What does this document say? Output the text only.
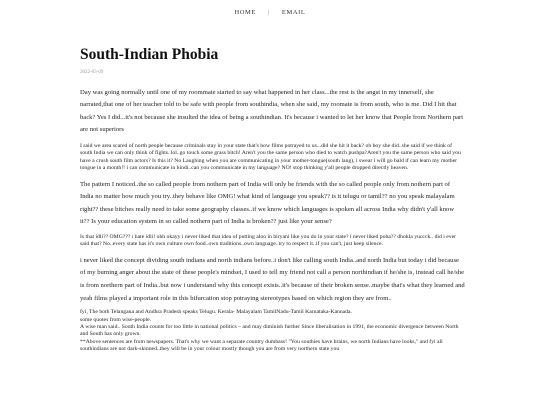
HOME	|	EMAIL
South-Indian Phobia
2022-03-09

Day was going normally until one of my roommate started to say what happened in her class...the rest is the angst in my innerself, she narrated,that one of her teacher told to be safe with people from southindia, when she said, my roomate is from south, who is me. Did I hit that back? Yes I did...it's not because she insulted the idea of being a southindian. It's because i wanted to let her know that People from Northern part are not superiors

I said we area scared of north people because criminals stay in your state that's how films potrayed to us...did she hit it back? oh boy she did..she said if we think of south India we can only think of fights..lol..go touch some grass bitch! Aren't you the same person who died to watch pushpa?Aren't you the same person who said you have a crush south film actors? Is this it? No Laughing when you are communicating in your mother-tongue(south lang), i swear i will go bald if can learn my mother tongue in a month!! i can communicate in hindi..can you communicate in my language? NO! stop thinking y'all people dropped directly heaven.

The pattern I noticed..the so called people from nothern part of India will only be friends with the so called people only from nothern part of India no matter how much you try..they behave like OMG! what kind of language you speak?? is it telugu or tamil?? no you speak malayalam right?? these bitches really need to take some geography classes..if we know which languages is spoken all across India why didn't y'all know it?? Is your education system in so called nothern part of India is broken?? just like your sense?

Is that idli?? OMG??? i hate idli! ohh okayy i never liked that idea of putting aloo in biryani like you do in your state? i never liked poha?? dhokla yuccck.. did i ever said that? No..every state has it's own culture own food..own traditions..own language..try to respect it..if you can't, just keep silence.

i never liked the concept dividing south indians and north indians before..i don't like calling south India..and north India but today i did because of my burning anger about the state of these people's mindset, I used to tell my friend not call a person northindian if he/she is, instead call he/she is from northern part of India..but now i understand why this concept exists..it's because of their broken sense..maybe that's what they learned and yeah films played a important role in this bifurcation stop potraying stereotypes based on which region they are from..

fyi, The both Telangana and Andhra Pradesh speaks Telugu. Kerala- Malayalam TamilNadu-Tamil Karnataka-Kannada.

some quotes from wise-people.

A wise man said.. South India counts for too little in national politics – and may diminish further Since liberalisation in 1991, the economic divergence between North and South has only grown.

**Above sentences are from newspapers. That's why we want a separate country dumbass! "You southies have brains, we north Indians have looks," and fyi all southindians are not dark-skinned..they will be in your colour mostly though you are from very northern state you
